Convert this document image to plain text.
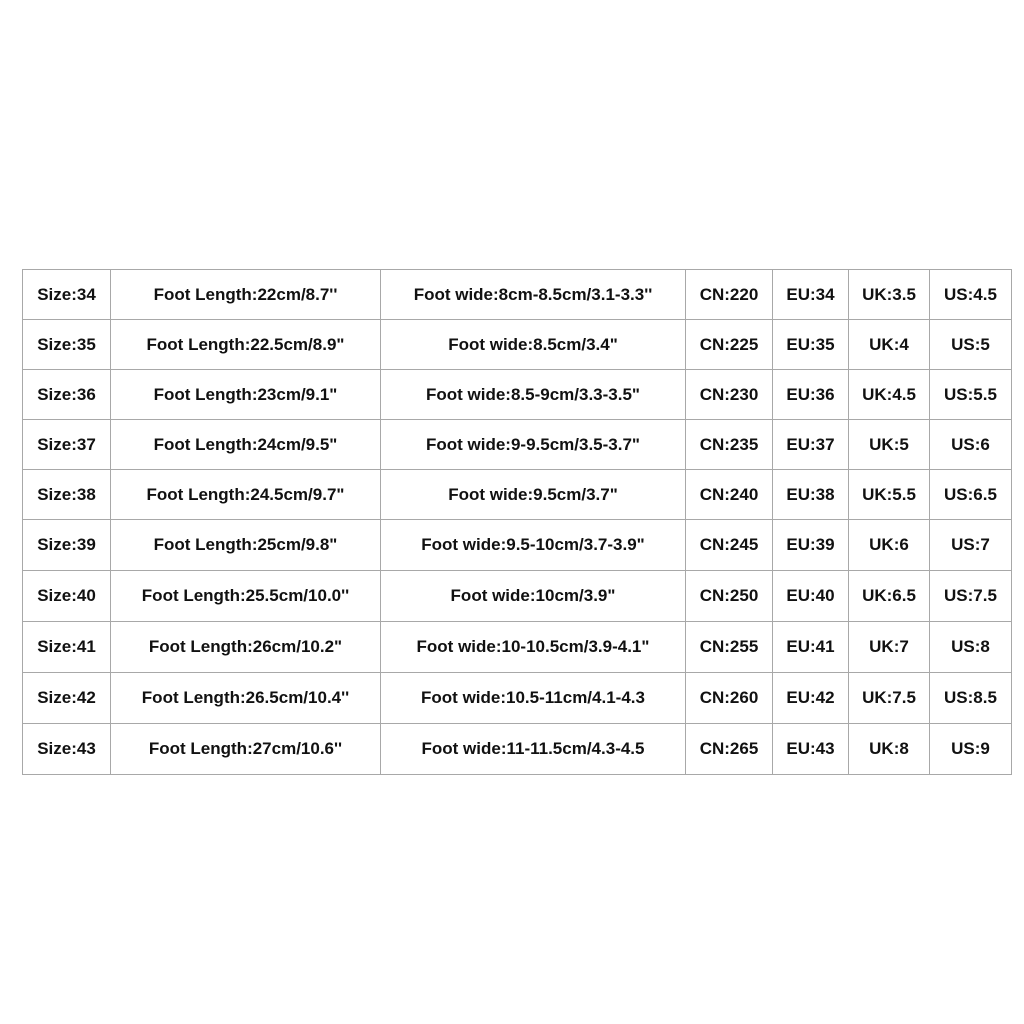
Size:34	Foot Length:22cm/8.7''	Foot wide:8cm-8.5cm/3.1-3.3''	CN:220	EU:34	UK:3.5	US:4.5
Size:35	Foot Length:22.5cm/8.9"	Foot wide:8.5cm/3.4"	CN:225	EU:35	UK:4	US:5
Size:36	Foot Length:23cm/9.1"	Foot wide:8.5-9cm/3.3-3.5"	CN:230	EU:36	UK:4.5	US:5.5
Size:37	Foot Length:24cm/9.5"	Foot wide:9-9.5cm/3.5-3.7"	CN:235	EU:37	UK:5	US:6
Size:38	Foot Length:24.5cm/9.7"	Foot wide:9.5cm/3.7"	CN:240	EU:38	UK:5.5	US:6.5
Size:39	Foot Length:25cm/9.8"	Foot wide:9.5-10cm/3.7-3.9"	CN:245	EU:39	UK:6	US:7
Size:40	Foot Length:25.5cm/10.0''	Foot wide:10cm/3.9"	CN:250	EU:40	UK:6.5	US:7.5
Size:41	Foot Length:26cm/10.2"	Foot wide:10-10.5cm/3.9-4.1"	CN:255	EU:41	UK:7	US:8
Size:42	Foot Length:26.5cm/10.4''	Foot wide:10.5-11cm/4.1-4.3	CN:260	EU:42	UK:7.5	US:8.5
Size:43	Foot Length:27cm/10.6''	Foot wide:11-11.5cm/4.3-4.5	CN:265	EU:43	UK:8	US:9
